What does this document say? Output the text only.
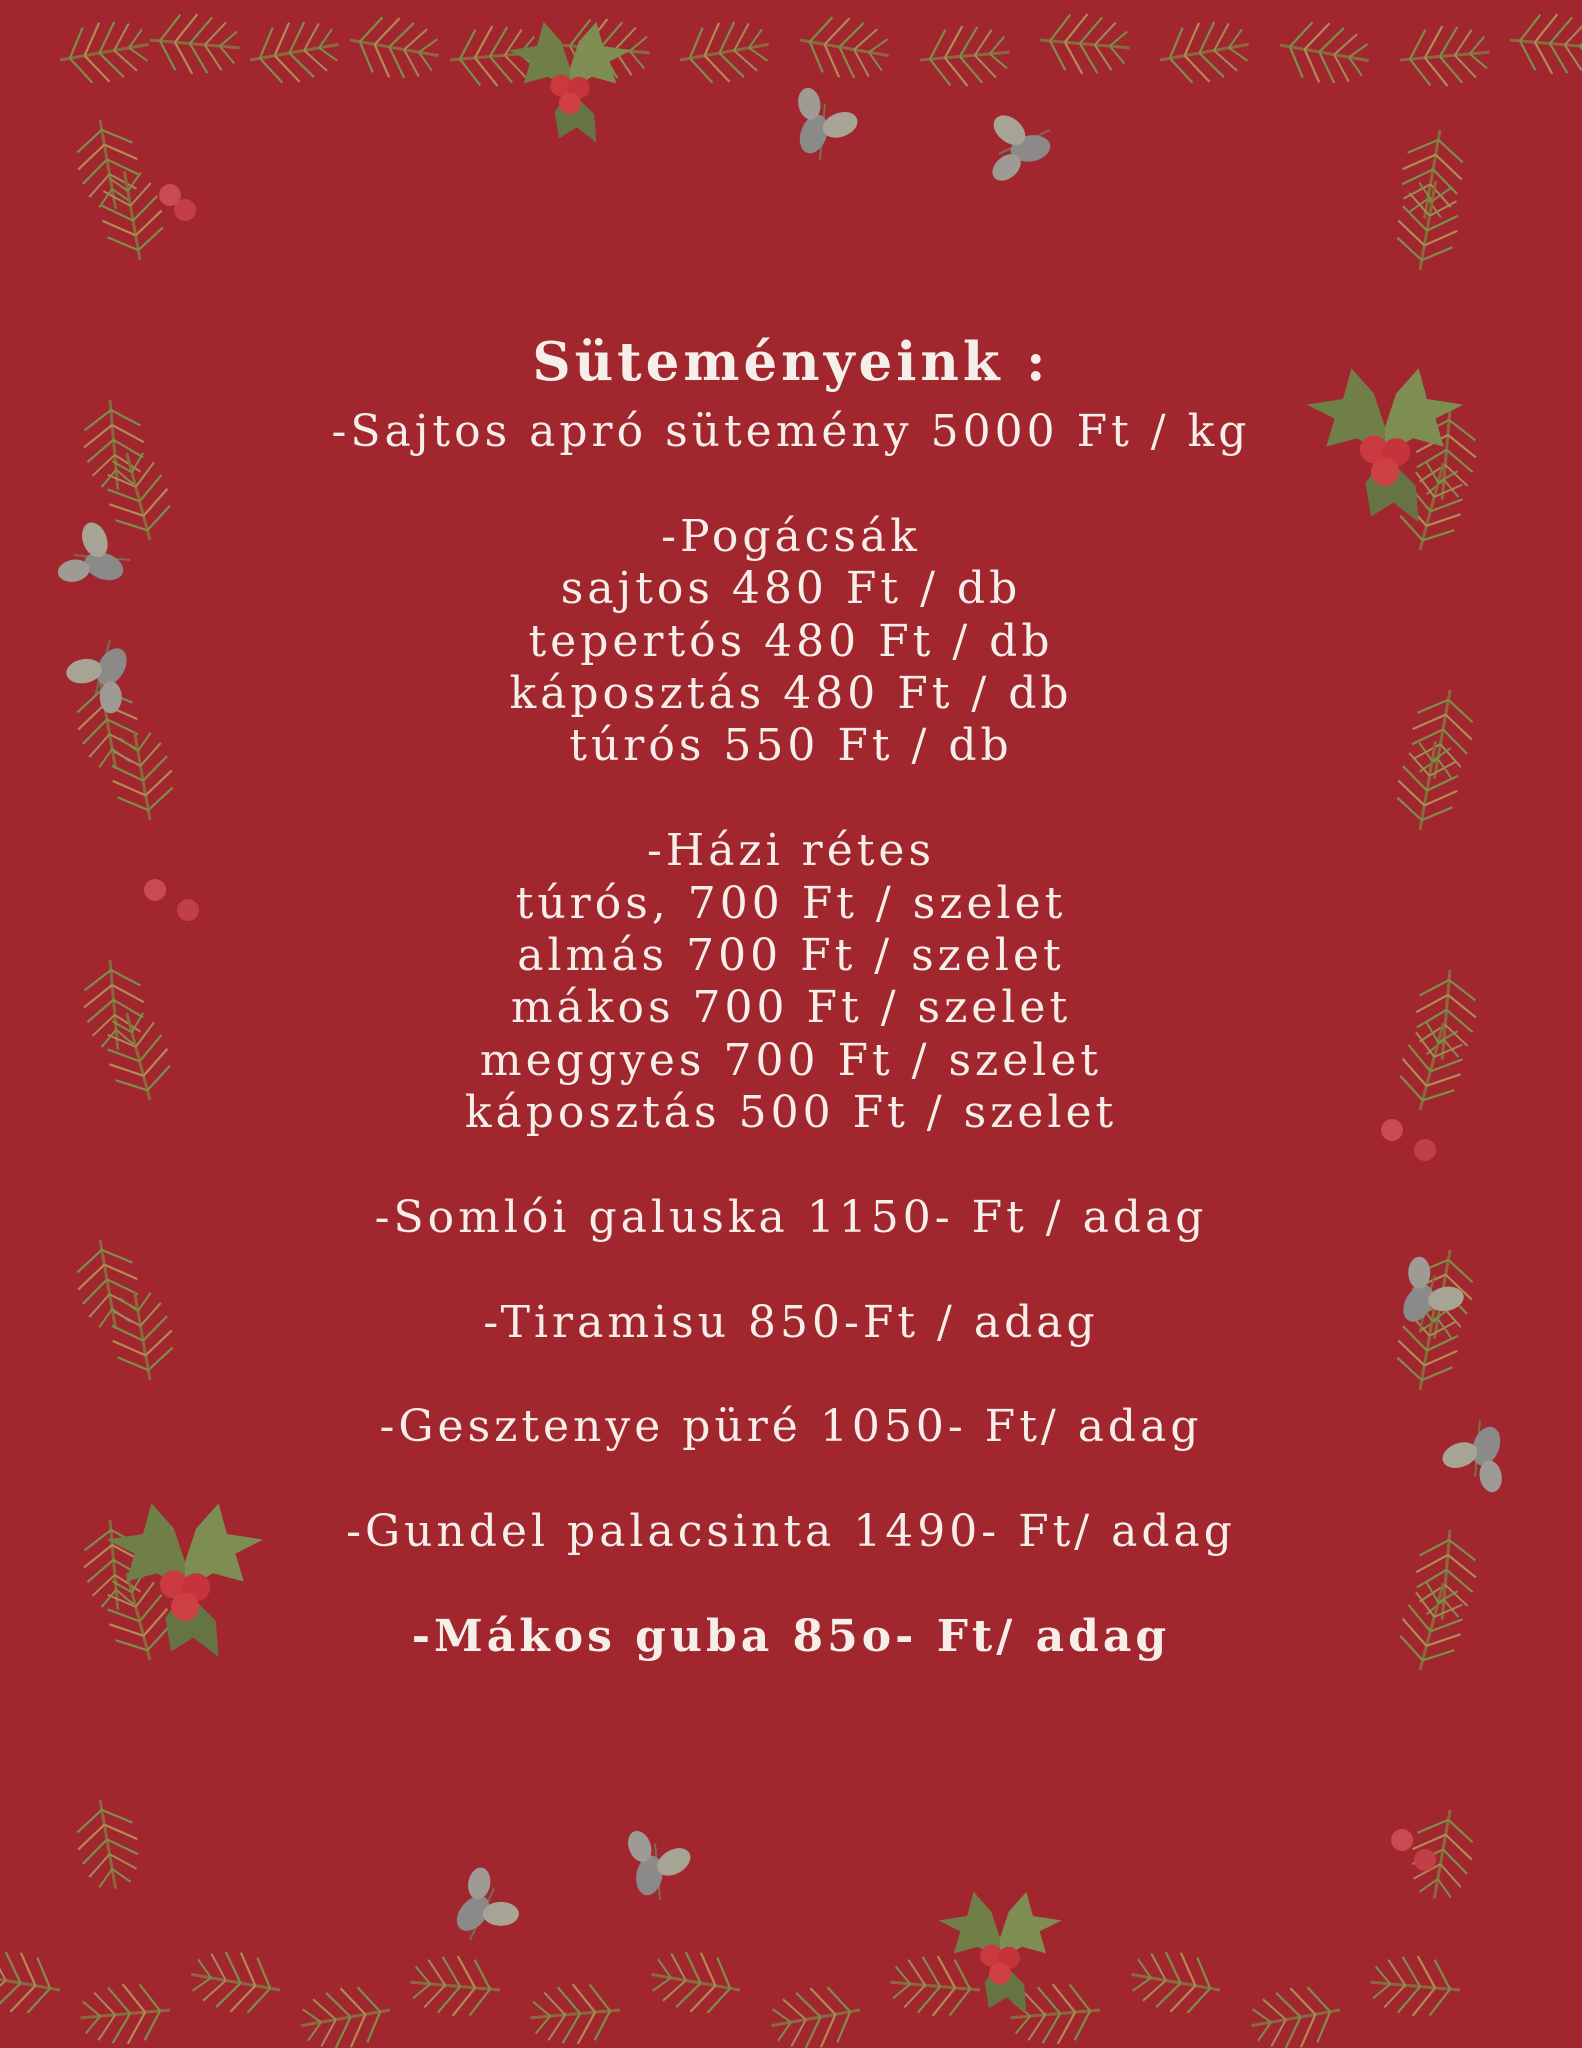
Süteményeink :
-Sajtos apró sütemény 5000 Ft / kg
-Pogácsák
sajtos 480 Ft / db
tepertós 480 Ft / db
káposztás 480 Ft / db
túrós 550 Ft / db
-Házi rétes
túrós, 700 Ft / szelet
almás 700 Ft / szelet
mákos 700 Ft / szelet
meggyes 700 Ft / szelet
káposztás 500 Ft / szelet
-Somlói galuska 1150- Ft / adag
-Tiramisu 850-Ft / adag
-Gesztenye püré 1050- Ft/ adag
-Gundel palacsinta 1490- Ft/ adag
-Mákos guba 85o- Ft/ adag
